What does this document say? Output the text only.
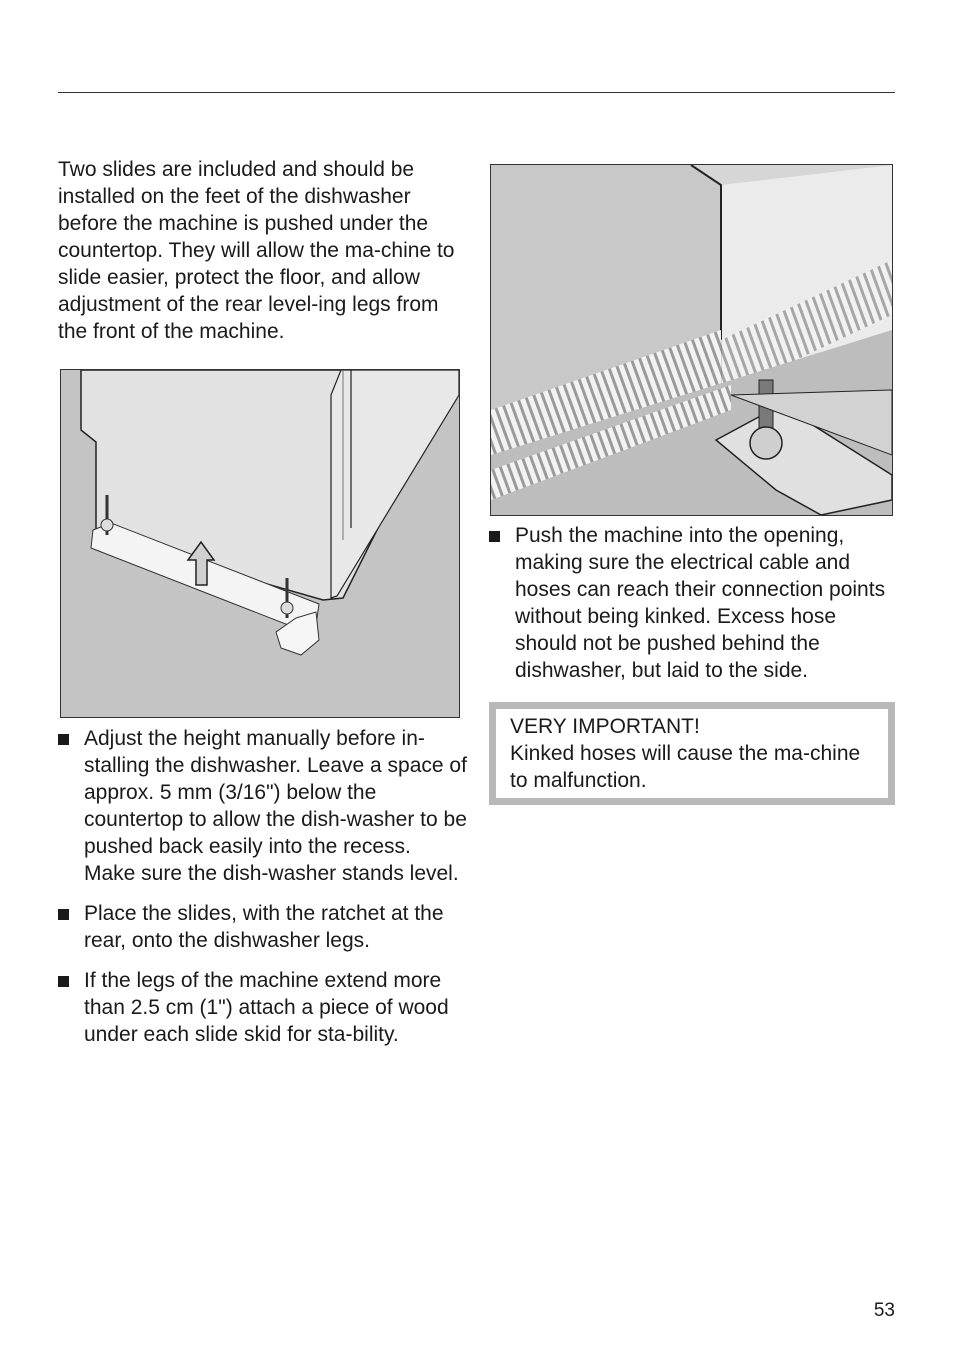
Two slides are included and should be installed on the feet of the dishwasher before the machine is pushed under the countertop. They will allow the ma-chine to slide easier, protect the floor, and allow adjustment of the rear level-ing legs from the front of the machine.

Adjust the height manually before in-stalling the dishwasher. Leave a space of approx. 5 mm (3/16") below the countertop to allow the dish-washer to be pushed back easily into the recess. Make sure the dish-washer stands level.
Place the slides, with the ratchet at the rear, onto the dishwasher legs.
If the legs of the machine extend more than 2.5 cm (1") attach a piece of wood under each slide skid for sta-bility.
Push the machine into the opening, making sure the electrical cable and hoses can reach their connection points without being kinked. Excess hose should not be pushed behind the dishwasher, but laid to the side.

VERY IMPORTANT!

Kinked hoses will cause the ma-chine to malfunction.

53
